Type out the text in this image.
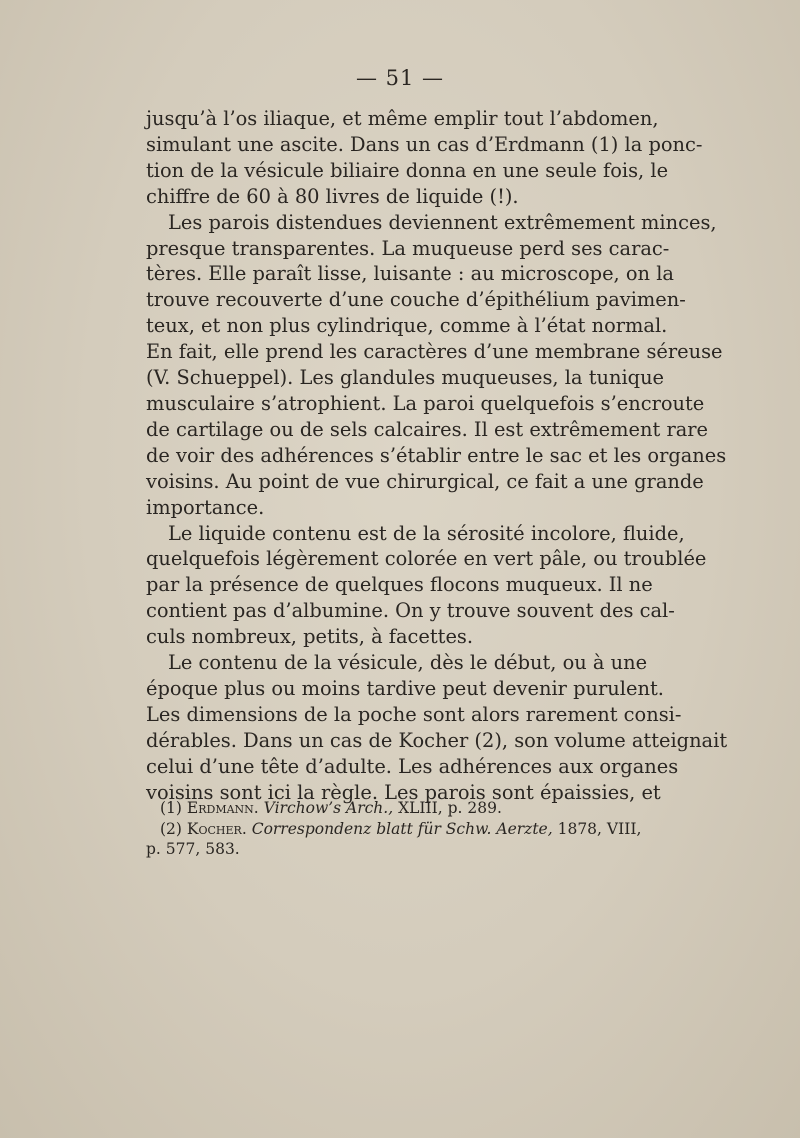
— 51 —
jusqu’à l’os iliaque, et même emplir tout l’abdomen,
simulant une ascite. Dans un cas d’Erdmann (1) la ponc-
tion de la vésicule biliaire donna en une seule fois, le
chiffre de 60 à 80 livres de liquide (!).
Les parois distendues deviennent extrêmement minces,
presque transparentes. La muqueuse perd ses carac-
tères. Elle paraît lisse, luisante : au microscope, on la
trouve recouverte d’une couche d’épithélium pavimen-
teux, et non plus cylindrique, comme à l’état normal.
En fait, elle prend les caractères d’une membrane séreuse
(V. Schueppel). Les glandules muqueuses, la tunique
musculaire s’atrophient. La paroi quelquefois s’encroute
de cartilage ou de sels calcaires. Il est extrêmement rare
de voir des adhérences s’établir entre le sac et les organes
voisins. Au point de vue chirurgical, ce fait a une grande
importance.
Le liquide contenu est de la sérosité incolore, fluide,
quelquefois légèrement colorée en vert pâle, ou troublée
par la présence de quelques flocons muqueux. Il ne
contient pas d’albumine. On y trouve souvent des cal-
culs nombreux, petits, à facettes.
Le contenu de la vésicule, dès le début, ou à une
époque plus ou moins tardive peut devenir purulent.
Les dimensions de la poche sont alors rarement consi-
dérables. Dans un cas de Kocher (2), son volume atteignait
celui d’une tête d’adulte. Les adhérences aux organes
voisins sont ici la règle. Les parois sont épaissies, et
(1) Erdmann. Virchow’s Arch., XLIII, p. 289.
(2) Kocher. Correspondenz blatt für Schw. Aerzte, 1878, VIII,
p. 577, 583.
